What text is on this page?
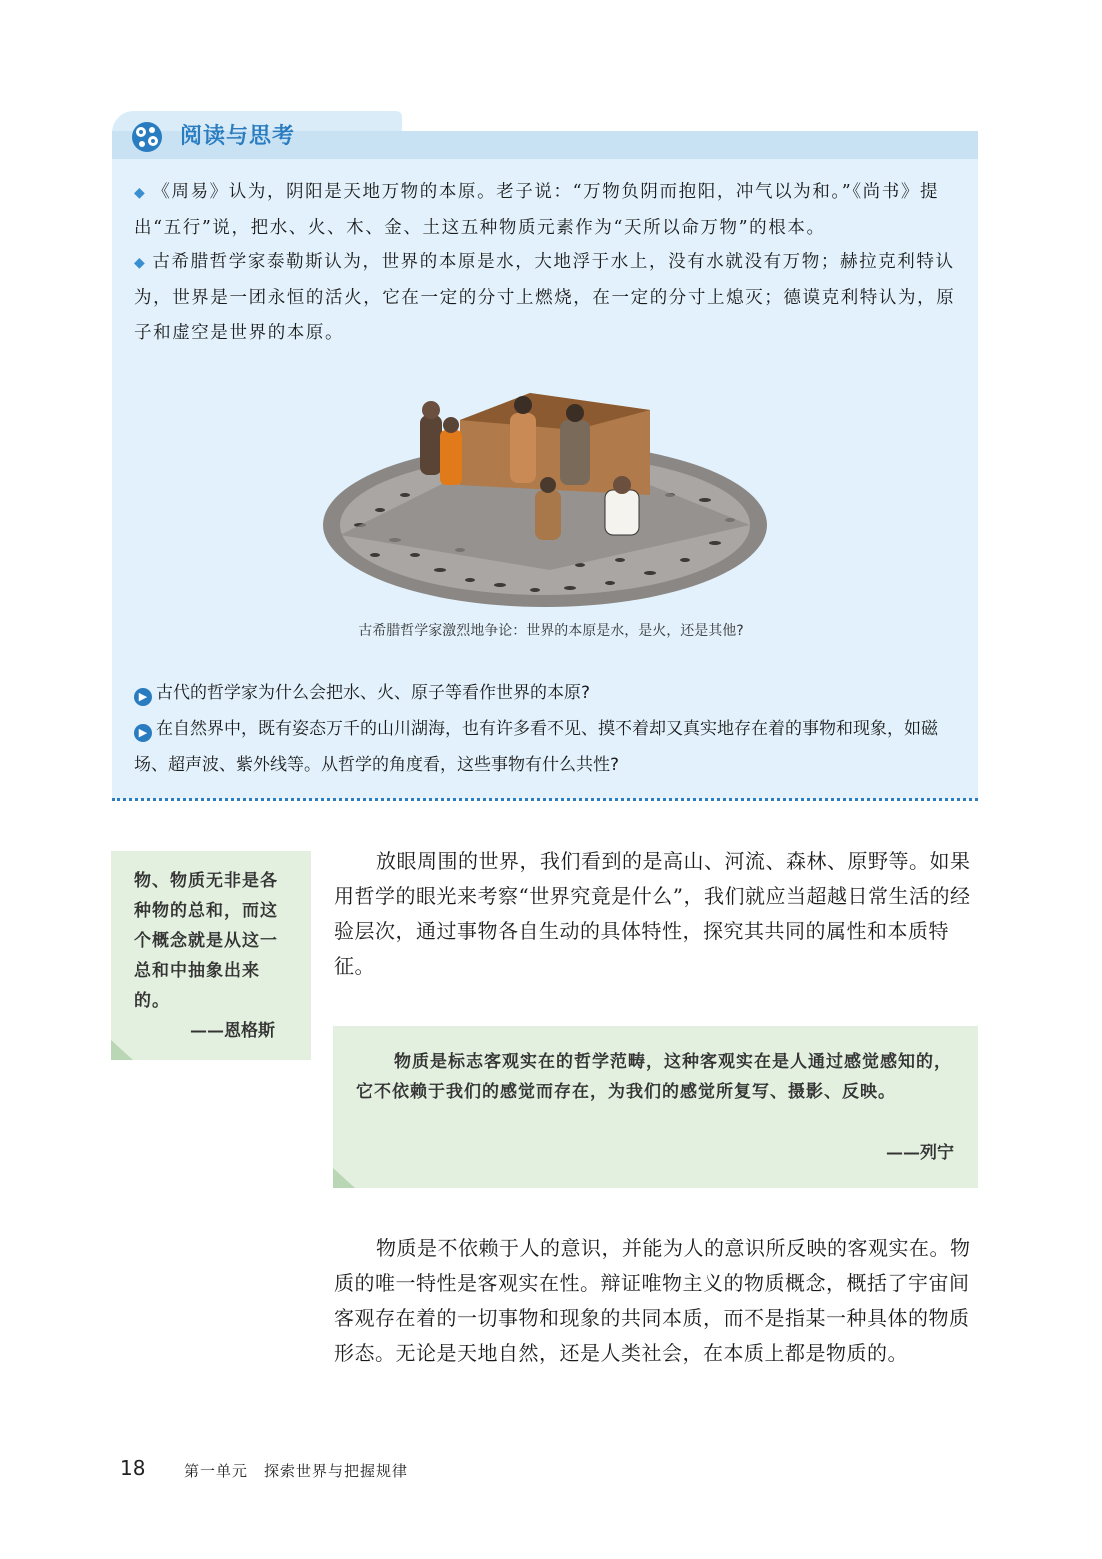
阅读与思考

◆ 《周易》认为，阴阳是天地万物的本原。老子说：“万物负阴而抱阳，冲气以为和。”《尚书》提出“五行”说，把水、火、木、金、土这五种物质元素作为“天所以命万物”的根本。

◆ 古希腊哲学家泰勒斯认为，世界的本原是水，大地浮于水上，没有水就没有万物；赫拉克利特认为，世界是一团永恒的活火，它在一定的分寸上燃烧，在一定的分寸上熄灭；德谟克利特认为，原子和虚空是世界的本原。

古希腊哲学家激烈地争论：世界的本原是水，是火，还是其他?

▶ 古代的哲学家为什么会把水、火、原子等看作世界的本原?

▶ 在自然界中，既有姿态万千的山川湖海，也有许多看不见、摸不着却又真实地存在着的事物和现象，如磁场、超声波、紫外线等。从哲学的角度看，这些事物有什么共性?

物、物质无非是各种物的总和，而这个概念就是从这一总和中抽象出来的。

——恩格斯

放眼周围的世界，我们看到的是高山、河流、森林、原野等。如果用哲学的眼光来考察“世界究竟是什么”，我们就应当超越日常生活的经验层次，通过事物各自生动的具体特性，探究其共同的属性和本质特征。

物质是标志客观实在的哲学范畴，这种客观实在是人通过感觉感知的，它不依赖于我们的感觉而存在，为我们的感觉所复写、摄影、反映。

——列宁

物质是不依赖于人的意识，并能为人的意识所反映的客观实在。物质的唯一特性是客观实在性。辩证唯物主义的物质概念，概括了宇宙间客观存在着的一切事物和现象的共同本质，而不是指某一种具体的物质形态。无论是天地自然，还是人类社会，在本质上都是物质的。

18	第一单元　探索世界与把握规律
